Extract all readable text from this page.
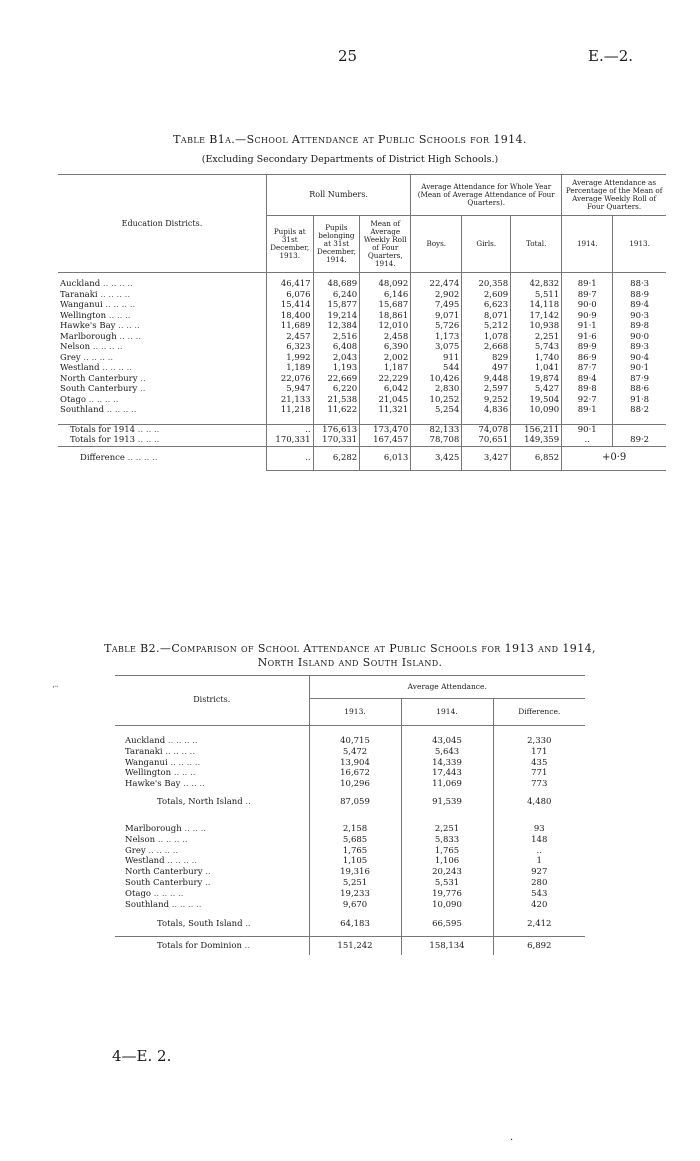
25	E.—2.
Table B1a.—School Attendance at Public Schools for 1914.
(Excluding Secondary Departments of District High Schools.)
Education Districts.	Roll Numbers.			Average Attendance for Whole Year (Mean of Average Attendance of Four Quarters).			Average Attendance as Percentage of the Mean of Average Weekly Roll of Four Quarters.	
	Pupils at 31st December, 1913.	Pupils belonging at 31st December, 1914.	Mean of Average Weekly Roll of Four Quarters, 1914.	Boys.	Girls.	Total.		
							1914.	1913.

Auckland .. .. .. ..	46,417	48,689	48,092	22,474	20,358	42,832	89·1	88·3
Taranaki .. .. .. ..	6,076	6,240	6,146	2,902	2,609	5,511	89·7	88·9
Wanganui .. .. .. ..	15,414	15,877	15,687	7,495	6,623	14,118	90·0	89·4
Wellington .. .. ..	18,400	19,214	18,861	9,071	8,071	17,142	90·9	90·3
Hawke's Bay .. .. ..	11,689	12,384	12,010	5,726	5,212	10,938	91·1	89·8
Marlborough .. .. ..	2,457	2,516	2,458	1,173	1,078	2,251	91·6	90·0
Nelson .. .. .. ..	6,323	6,408	6,390	3,075	2,668	5,743	89·9	89·3
Grey .. .. .. ..	1,992	2,043	2,002	911	829	1,740	86·9	90·4
Westland .. .. .. ..	1,189	1,193	1,187	544	497	1,041	87·7	90·1
North Canterbury ..	22,076	22,669	22,229	10,426	9,448	19,874	89·4	87·9
South Canterbury ..	5,947	6,220	6,042	2,830	2,597	5,427	89·8	88·6
Otago .. .. .. ..	21,133	21,538	21,045	10,252	9,252	19,504	92·7	91·8
Southland .. .. .. ..	11,218	11,622	11,321	5,254	4,836	10,090	89·1	88·2

Totals for 1914 .. .. ..	..	176,613	173,470	82,133	74,078	156,211	90·1	
Totals for 1913 .. .. ..	170,331	170,331	167,457	78,708	70,651	149,359	..	89·2
Difference .. .. .. ..	..	6,282	6,013	3,425	3,427	6,852	+0·9	
Table B2.—Comparison of School Attendance at Public Schools for 1913 and 1914,
North Island and South Island.
·ᵕ
Districts.	Average Attendance.		
	1913.	1914.	Difference.

Auckland .. .. .. ..	40,715	43,045	2,330
Taranaki .. .. .. ..	5,472	5,643	171
Wanganui .. .. .. ..	13,904	14,339	435
Wellington .. .. ..	16,672	17,443	771
Hawke's Bay .. .. ..	10,296	11,069	773

Totals, North Island ..	87,059	91,539	4,480

Marlborough .. .. ..	2,158	2,251	93
Nelson .. .. .. ..	5,685	5,833	148
Grey .. .. .. ..	1,765	1,765	..
Westland .. .. .. ..	1,105	1,106	1
North Canterbury ..	19,316	20,243	927
South Canterbury ..	5,251	5,531	280
Otago .. .. .. ..	19,233	19,776	543
Southland .. .. .. ..	9,670	10,090	420

Totals, South Island ..	64,183	66,595	2,412

Totals for Dominion ..	151,242	158,134	6,892
4—E. 2.
·
